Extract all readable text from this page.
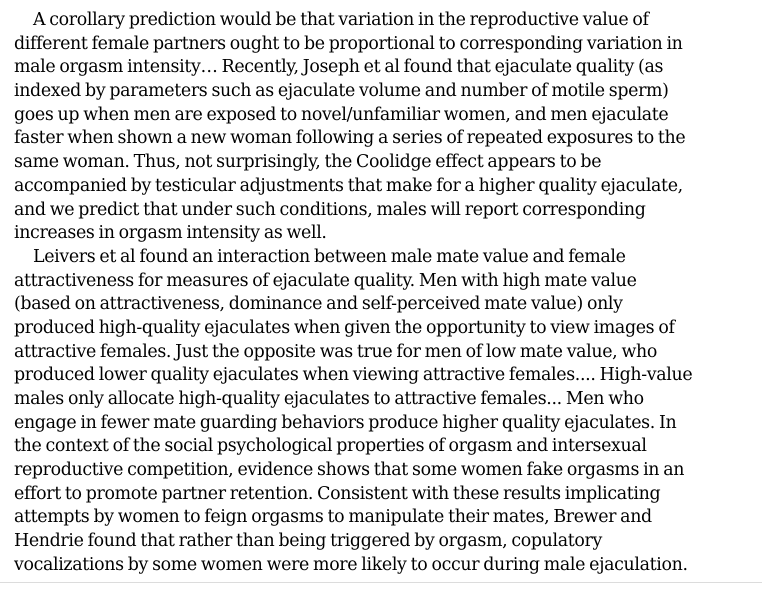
A corollary prediction would be that variation in the reproductive value of
different female partners ought to be proportional to corresponding variation in
male orgasm intensity… Recently, Joseph et al found that ejaculate quality (as
indexed by parameters such as ejaculate volume and number of motile sperm)
goes up when men are exposed to novel/unfamiliar women, and men ejaculate
faster when shown a new woman following a series of repeated exposures to the
same woman. Thus, not surprisingly, the Coolidge effect appears to be
accompanied by testicular adjustments that make for a higher quality ejaculate,
and we predict that under such conditions, males will report corresponding
increases in orgasm intensity as well.
Leivers et al found an interaction between male mate value and female
attractiveness for measures of ejaculate quality. Men with high mate value
(based on attractiveness, dominance and self-perceived mate value) only
produced high-quality ejaculates when given the opportunity to view images of
attractive females. Just the opposite was true for men of low mate value, who
produced lower quality ejaculates when viewing attractive females.... High-value
males only allocate high-quality ejaculates to attractive females... Men who
engage in fewer mate guarding behaviors produce higher quality ejaculates. In
the context of the social psychological properties of orgasm and intersexual
reproductive competition, evidence shows that some women fake orgasms in an
effort to promote partner retention. Consistent with these results implicating
attempts by women to feign orgasms to manipulate their mates, Brewer and
Hendrie found that rather than being triggered by orgasm, copulatory
vocalizations by some women were more likely to occur during male ejaculation.
